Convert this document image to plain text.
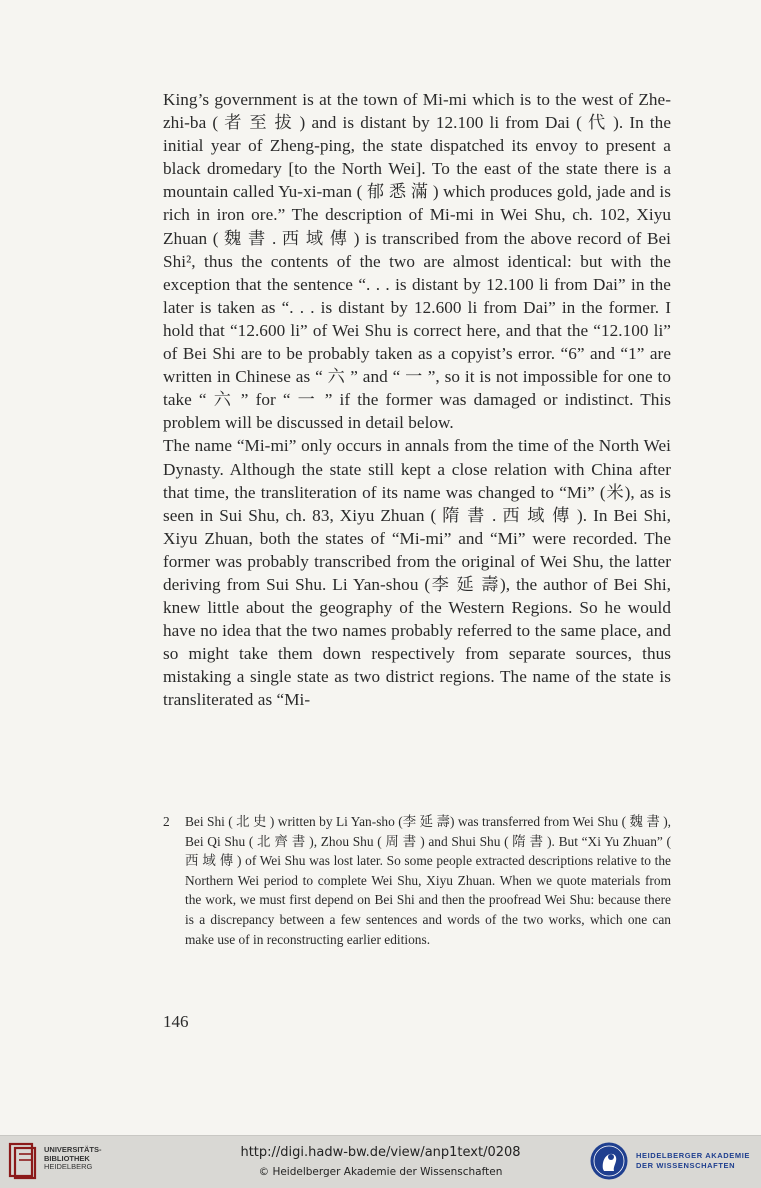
King’s government is at the town of Mi-mi which is to the west of Zhe-zhi-ba ( 者 至 拔 ) and is distant by 12.100 li from Dai ( 代 ). In the initial year of Zheng-ping, the state dispatched its envoy to present a black dromedary [to the North Wei]. To the east of the state there is a mountain called Yu-xi-man ( 郁 悉 滿 ) which produces gold, jade and is rich in iron ore.” The description of Mi-mi in Wei Shu, ch. 102, Xiyu Zhuan ( 魏 書 . 西 域 傳 ) is transcribed from the above record of Bei Shi², thus the contents of the two are almost identical: but with the exception that the sentence “. . . is distant by 12.100 li from Dai” in the later is taken as “. . . is distant by 12.600 li from Dai” in the former. I hold that “12.600 li” of Wei Shu is correct here, and that the “12.100 li” of Bei Shi are to be probably taken as a copyist’s error. “6” and “1” are written in Chinese as “ 六 ” and “ 一 ”, so it is not impossible for one to take “ 六 ” for “ 一 ” if the former was damaged or indistinct. This problem will be discussed in detail below.

The name “Mi-mi” only occurs in annals from the time of the North Wei Dynasty. Although the state still kept a close relation with China after that time, the transliteration of its name was changed to “Mi” (米), as is seen in Sui Shu, ch. 83, Xiyu Zhuan ( 隋 書 . 西 域 傳 ). In Bei Shi, Xiyu Zhuan, both the states of “Mi-mi” and “Mi” were recorded. The former was probably transcribed from the original of Wei Shu, the latter deriving from Sui Shu. Li Yan-shou (李 延 壽), the author of Bei Shi, knew little about the geography of the Western Regions. So he would have no idea that the two names probably referred to the same place, and so might take them down respectively from separate sources, thus mistaking a single state as two district regions. The name of the state is transliterated as “Mi-

2 Bei Shi ( 北 史 ) written by Li Yan-sho (李 延 壽) was transferred from Wei Shu ( 魏 書 ), Bei Qi Shu ( 北 齊 書 ), Zhou Shu ( 周 書 ) and Shui Shu ( 隋 書 ). But “Xi Yu Zhuan” ( 西 域 傳 ) of Wei Shu was lost later. So some people extracted descriptions relative to the Northern Wei period to complete Wei Shu, Xiyu Zhuan. When we quote materials from the work, we must first depend on Bei Shi and then the proofread Wei Shu: because there is a discrepancy between a few sentences and words of the two works, which one can make use of in reconstructing earlier editions.
146
UNIVERSITÄTS-
BIBLIOTHEK
HEIDELBERG
http://digi.hadw-bw.de/view/anp1text/0208
© Heidelberger Akademie der Wissenschaften
HEIDELBERGER AKADEMIE
DER WISSENSCHAFTEN
